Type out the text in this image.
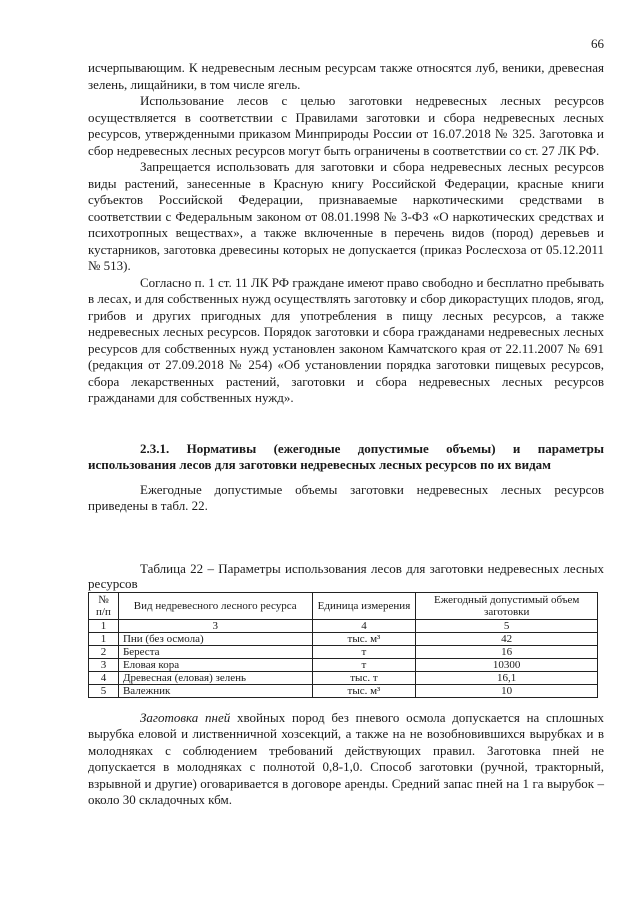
66

исчерпывающим. К недревесным лесным ресурсам также относятся луб, веники, древесная зелень, лищайники, в том числе ягель.

Использование лесов с целью заготовки недревесных лесных ресурсов осуществляется в соответствии с Правилами заготовки и сбора недревесных лесных ресурсов, утвержденными приказом Минприроды России от 16.07.2018 № 325. Заготовка и сбор недревесных лесных ресурсов могут быть ограничены в соответствии со ст. 27 ЛК РФ.

Запрещается использовать для заготовки и сбора недревесных лесных ресурсов виды растений, занесенные в Красную книгу Российской Федерации, красные книги субъектов Российской Федерации, признаваемые наркотическими средствами в соответствии с Федеральным законом от 08.01.1998 № 3-ФЗ «О наркотических средствах и психотропных веществах», а также включенные в перечень видов (пород) деревьев и кустарников, заготовка древесины которых не допускается (приказ Рослесхоза от 05.12.2011 № 513).

Согласно п. 1 ст. 11 ЛК РФ граждане имеют право свободно и бесплатно пребывать в лесах, и для собственных нужд осуществлять заготовку и сбор дикорастущих плодов, ягод, грибов и других пригодных для употребления в пищу лесных ресурсов, а также недревесных лесных ресурсов. Порядок заготовки и сбора гражданами недревесных лесных ресурсов для собственных нужд установлен законом Камчатского края от 22.11.2007 № 691 (редакция от 27.09.2018 № 254) «Об установлении порядка заготовки пищевых ресурсов, сбора лекарственных растений, заготовки и сбора недревесных лесных ресурсов гражданами для собственных нужд».

2.3.1. Нормативы (ежегодные допустимые объемы) и параметры использования лесов для заготовки недревесных лесных ресурсов по их видам

Ежегодные допустимые объемы заготовки недревесных лесных ресурсов приведены в табл. 22.

Таблица 22 – Параметры использования лесов для заготовки недревесных лесных ресурсов

№ п/п	Вид недревесного лесного ресурса	Единица измерения	Ежегодный допустимый объем заготовки
1	3	4	5
1	Пни (без осмола)	тыс. м³	42
2	Береста	т	16
3	Еловая кора	т	10300
4	Древесная (еловая) зелень	тыс. т	16,1
5	Валежник	тыс. м³	10

Заготовка пней хвойных пород без пневого осмола допускается на сплошных вырубка еловой и лиственничной хозсекций, а также на не возобновившихся вырубках и в молодняках с соблюдением требований действующих правил. Заготовка пней не допускается в молодняках с полнотой 0,8-1,0. Способ заготовки (ручной, тракторный, взрывной и другие) оговаривается в договоре аренды. Средний запас пней на 1 га вырубок – около 30 складочных кбм.
